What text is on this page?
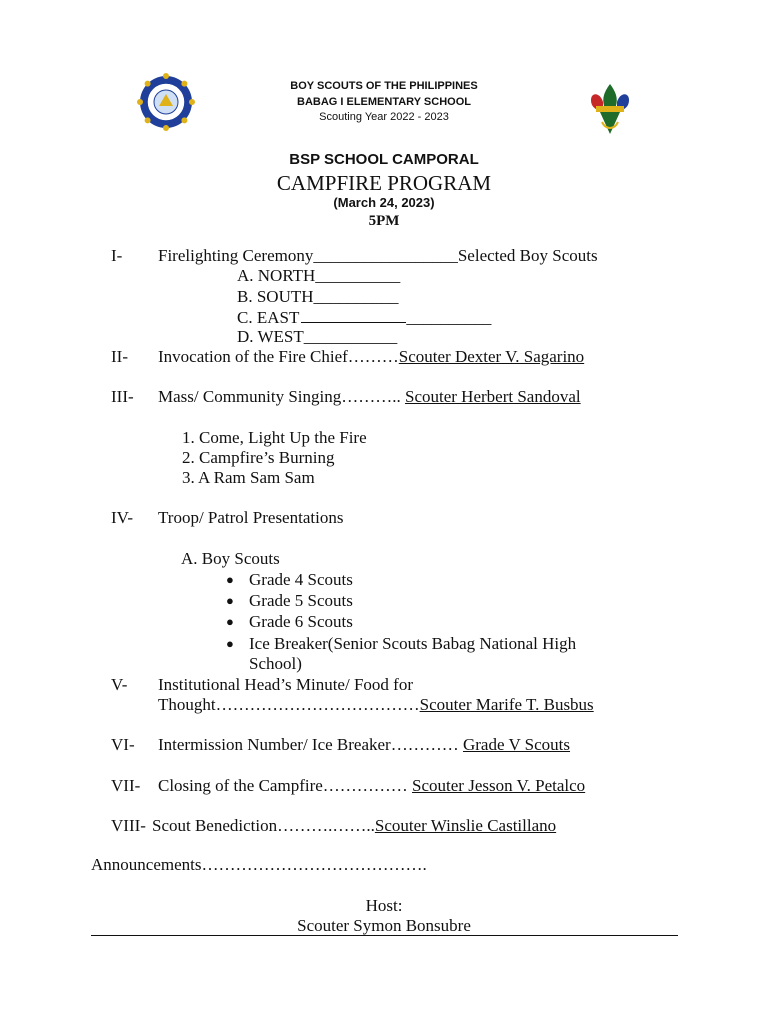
BOY SCOUTS OF THE PHILIPPINES
BABAG I ELEMENTARY SCHOOL
Scouting Year 2022 - 2023
BSP SCHOOL CAMPORAL
CAMPFIRE PROGRAM
(March 24, 2023)
5PM
I- Firelighting Ceremony_________________Selected Boy Scouts
A. NORTH__________
B. SOUTH__________
C. EAST	__________
D. WEST___________
II- Invocation of the Fire Chief………Scouter Dexter V. Sagarino
III- Mass/ Community Singing……….. Scouter Herbert Sandoval
1. Come, Light Up the Fire
2. Campfire’s Burning
3. A Ram Sam Sam
IV- Troop/ Patrol Presentations
A. Boy Scouts
● Grade 4 Scouts
● Grade 5 Scouts
● Grade 6 Scouts
● Ice Breaker(Senior Scouts Babag National High
School)
V- Institutional Head’s Minute/ Food for
Thought………………………………Scouter Marife T. Busbus
VI- Intermission Number/ Ice Breaker………… Grade V Scouts
VII- Closing of the Campfire…………… Scouter Jesson V. Petalco
VIII- Scout Benediction……….……..Scouter Winslie Castillano
Announcements………………………………….
Host:
Scouter Symon Bonsubre
